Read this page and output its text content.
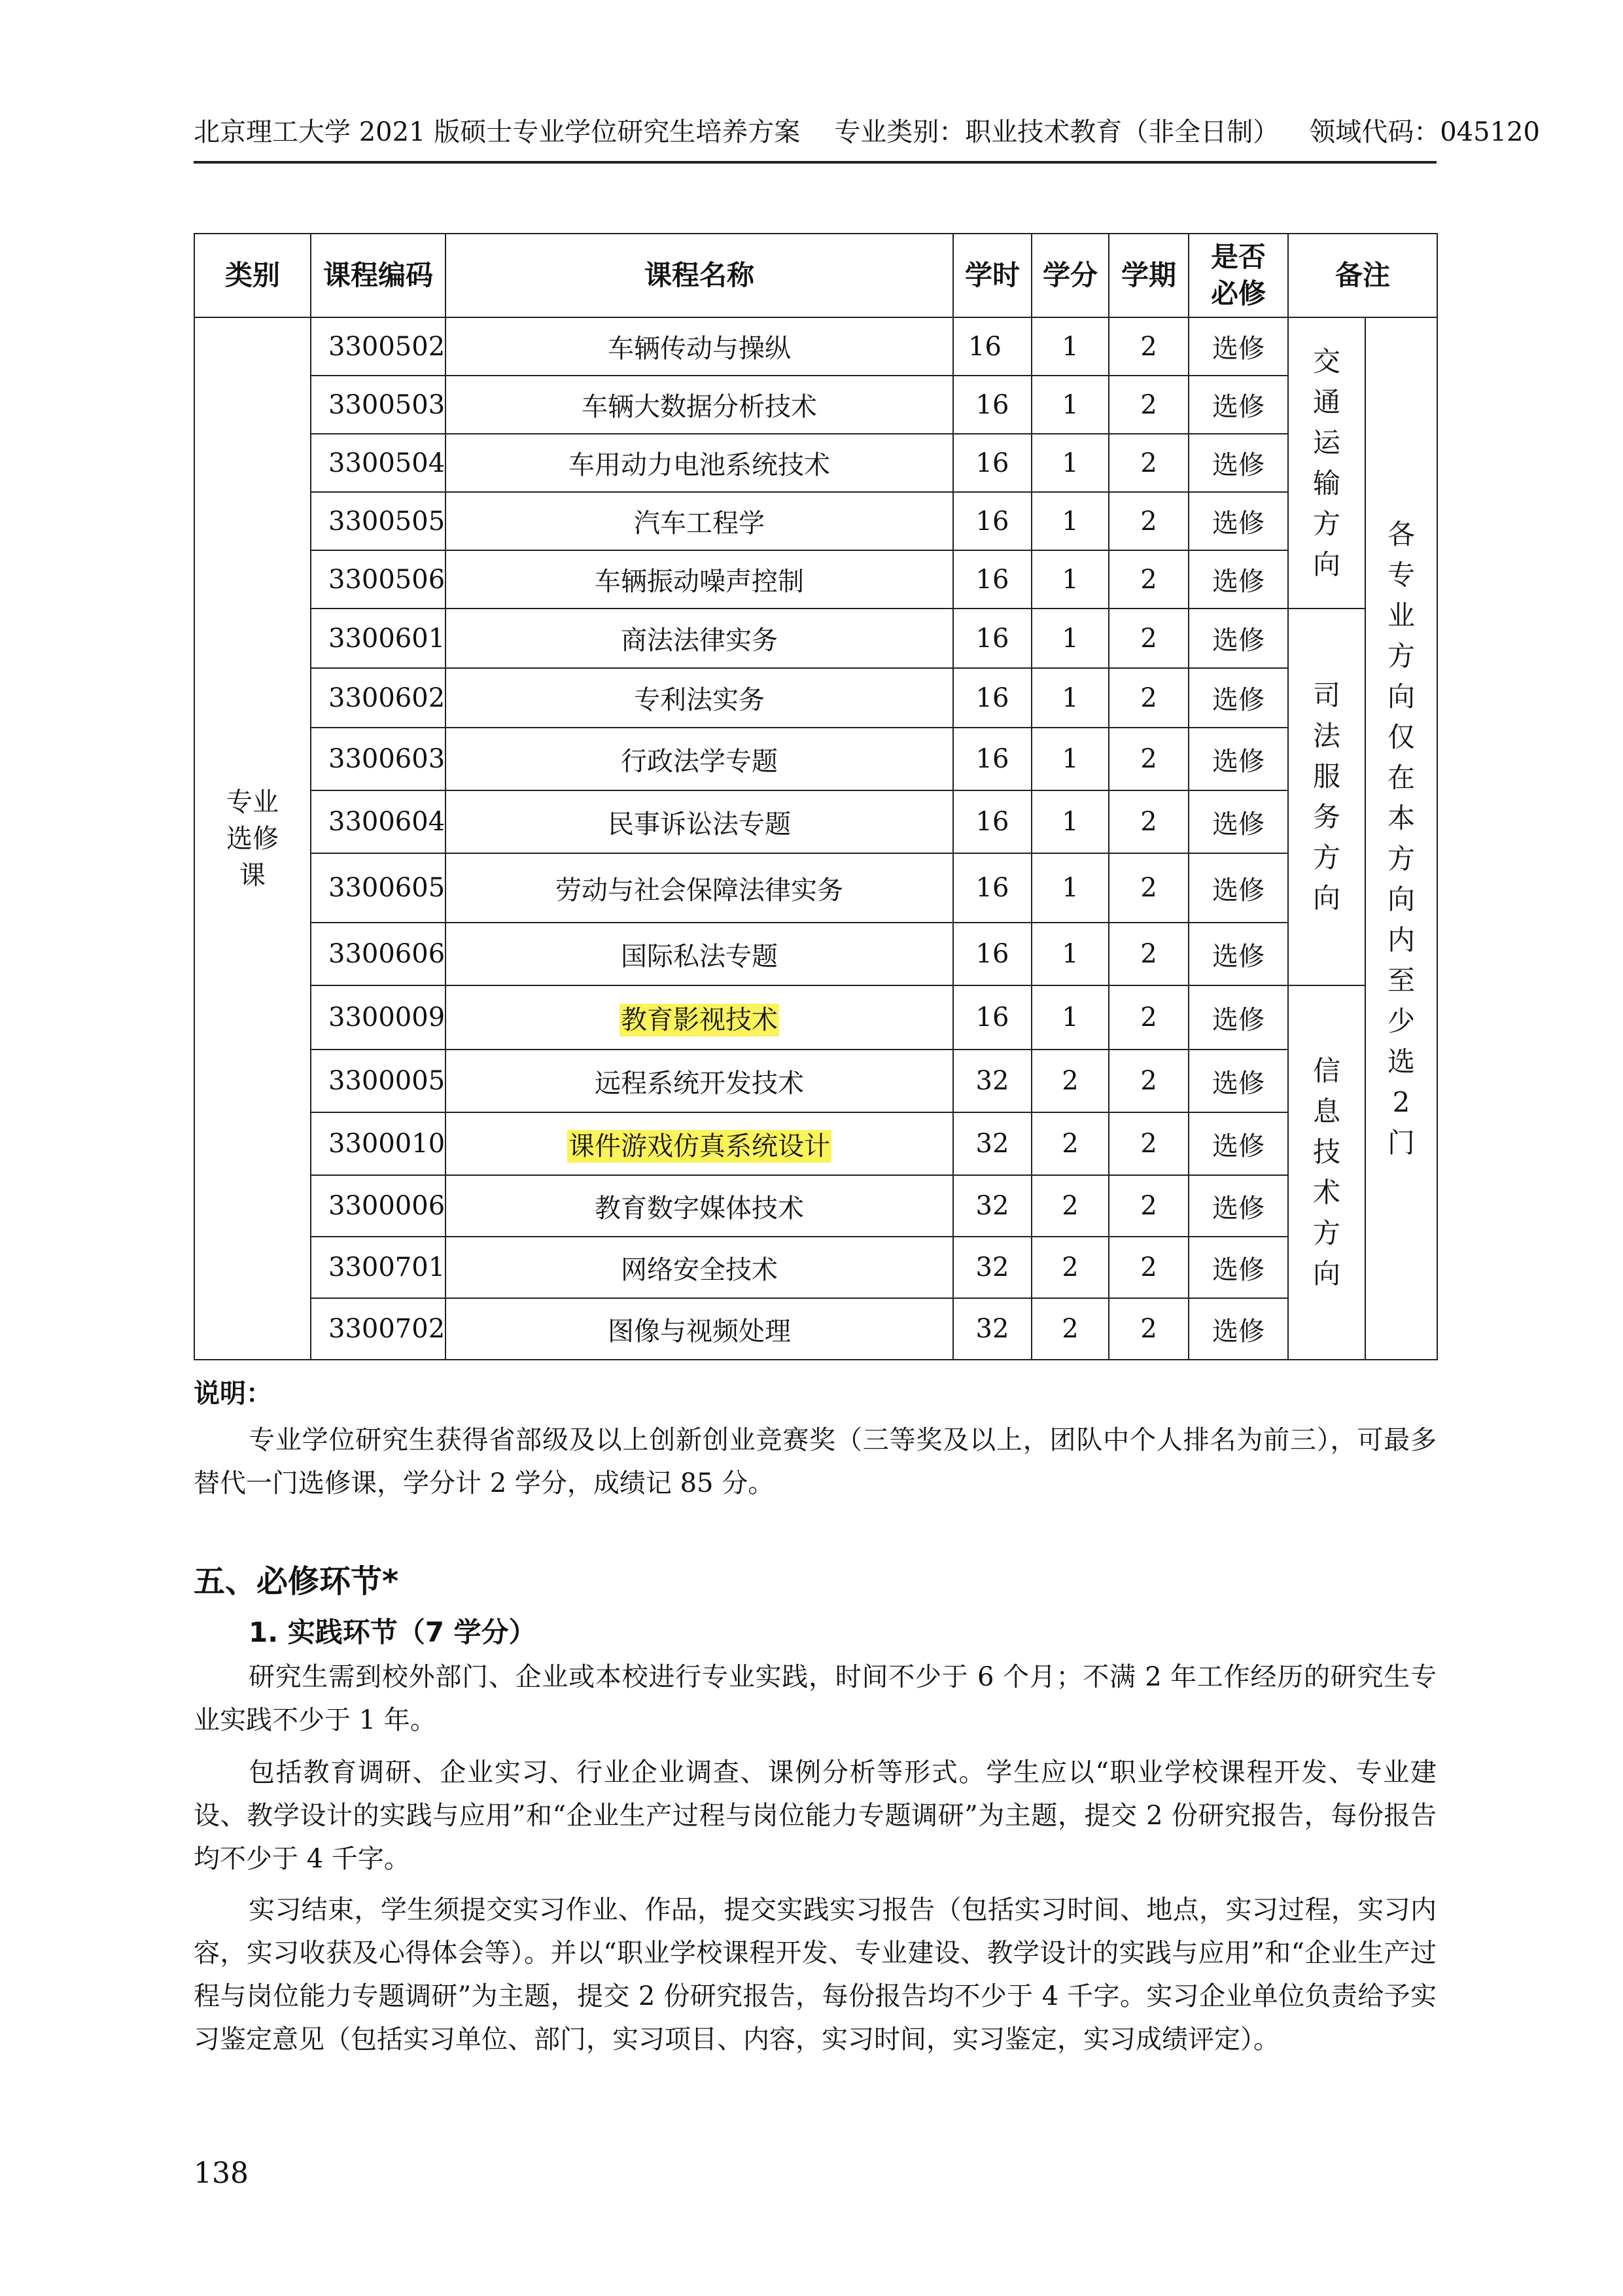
北京理工大学 2021 版硕士专业学位研究生培养方案 专业类别：职业技术教育（非全日制） 领域代码：045120
类别	课程编码	课程名称	学时	学分	学期	是否必修	备注	
专业选修课	3300502	车辆传动与操纵	16	1	2	选修	交通运输方向	各专业方向仅在本方向内至少选2门
	3300503	车辆大数据分析技术	16	1	2	选修		
	3300504	车用动力电池系统技术	16	1	2	选修		
	3300505	汽车工程学	16	1	2	选修		
	3300506	车辆振动噪声控制	16	1	2	选修		
	3300601	商法法律实务	16	1	2	选修	司法服务方向	
	3300602	专利法实务	16	1	2	选修		
	3300603	行政法学专题	16	1	2	选修		
	3300604	民事诉讼法专题	16	1	2	选修		
	3300605	劳动与社会保障法律实务	16	1	2	选修		
	3300606	国际私法专题	16	1	2	选修		
	3300009	教育影视技术	16	1	2	选修	信息技术方向	
	3300005	远程系统开发技术	32	2	2	选修		
	3300010	课件游戏仿真系统设计	32	2	2	选修		
	3300006	教育数字媒体技术	32	2	2	选修		
	3300701	网络安全技术	32	2	2	选修		
	3300702	图像与视频处理	32	2	2	选修		
说明：

专业学位研究生获得省部级及以上创新创业竞赛奖（三等奖及以上，团队中个人排名为前三），可最多替代一门选修课，学分计 2 学分，成绩记 85 分。

五、必修环节*
1. 实践环节（7 学分）

研究生需到校外部门、企业或本校进行专业实践，时间不少于 6 个月；不满 2 年工作经历的研究生专业实践不少于 1 年。

包括教育调研、企业实习、行业企业调查、课例分析等形式。学生应以“职业学校课程开发、专业建设、教学设计的实践与应用”和“企业生产过程与岗位能力专题调研”为主题，提交 2 份研究报告，每份报告均不少于 4 千字。

实习结束，学生须提交实习作业、作品，提交实践实习报告（包括实习时间、地点，实习过程，实习内容，实习收获及心得体会等）。并以“职业学校课程开发、专业建设、教学设计的实践与应用”和“企业生产过程与岗位能力专题调研”为主题，提交 2 份研究报告，每份报告均不少于 4 千字。实习企业单位负责给予实习鉴定意见（包括实习单位、部门，实习项目、内容，实习时间，实习鉴定，实习成绩评定）。

138
